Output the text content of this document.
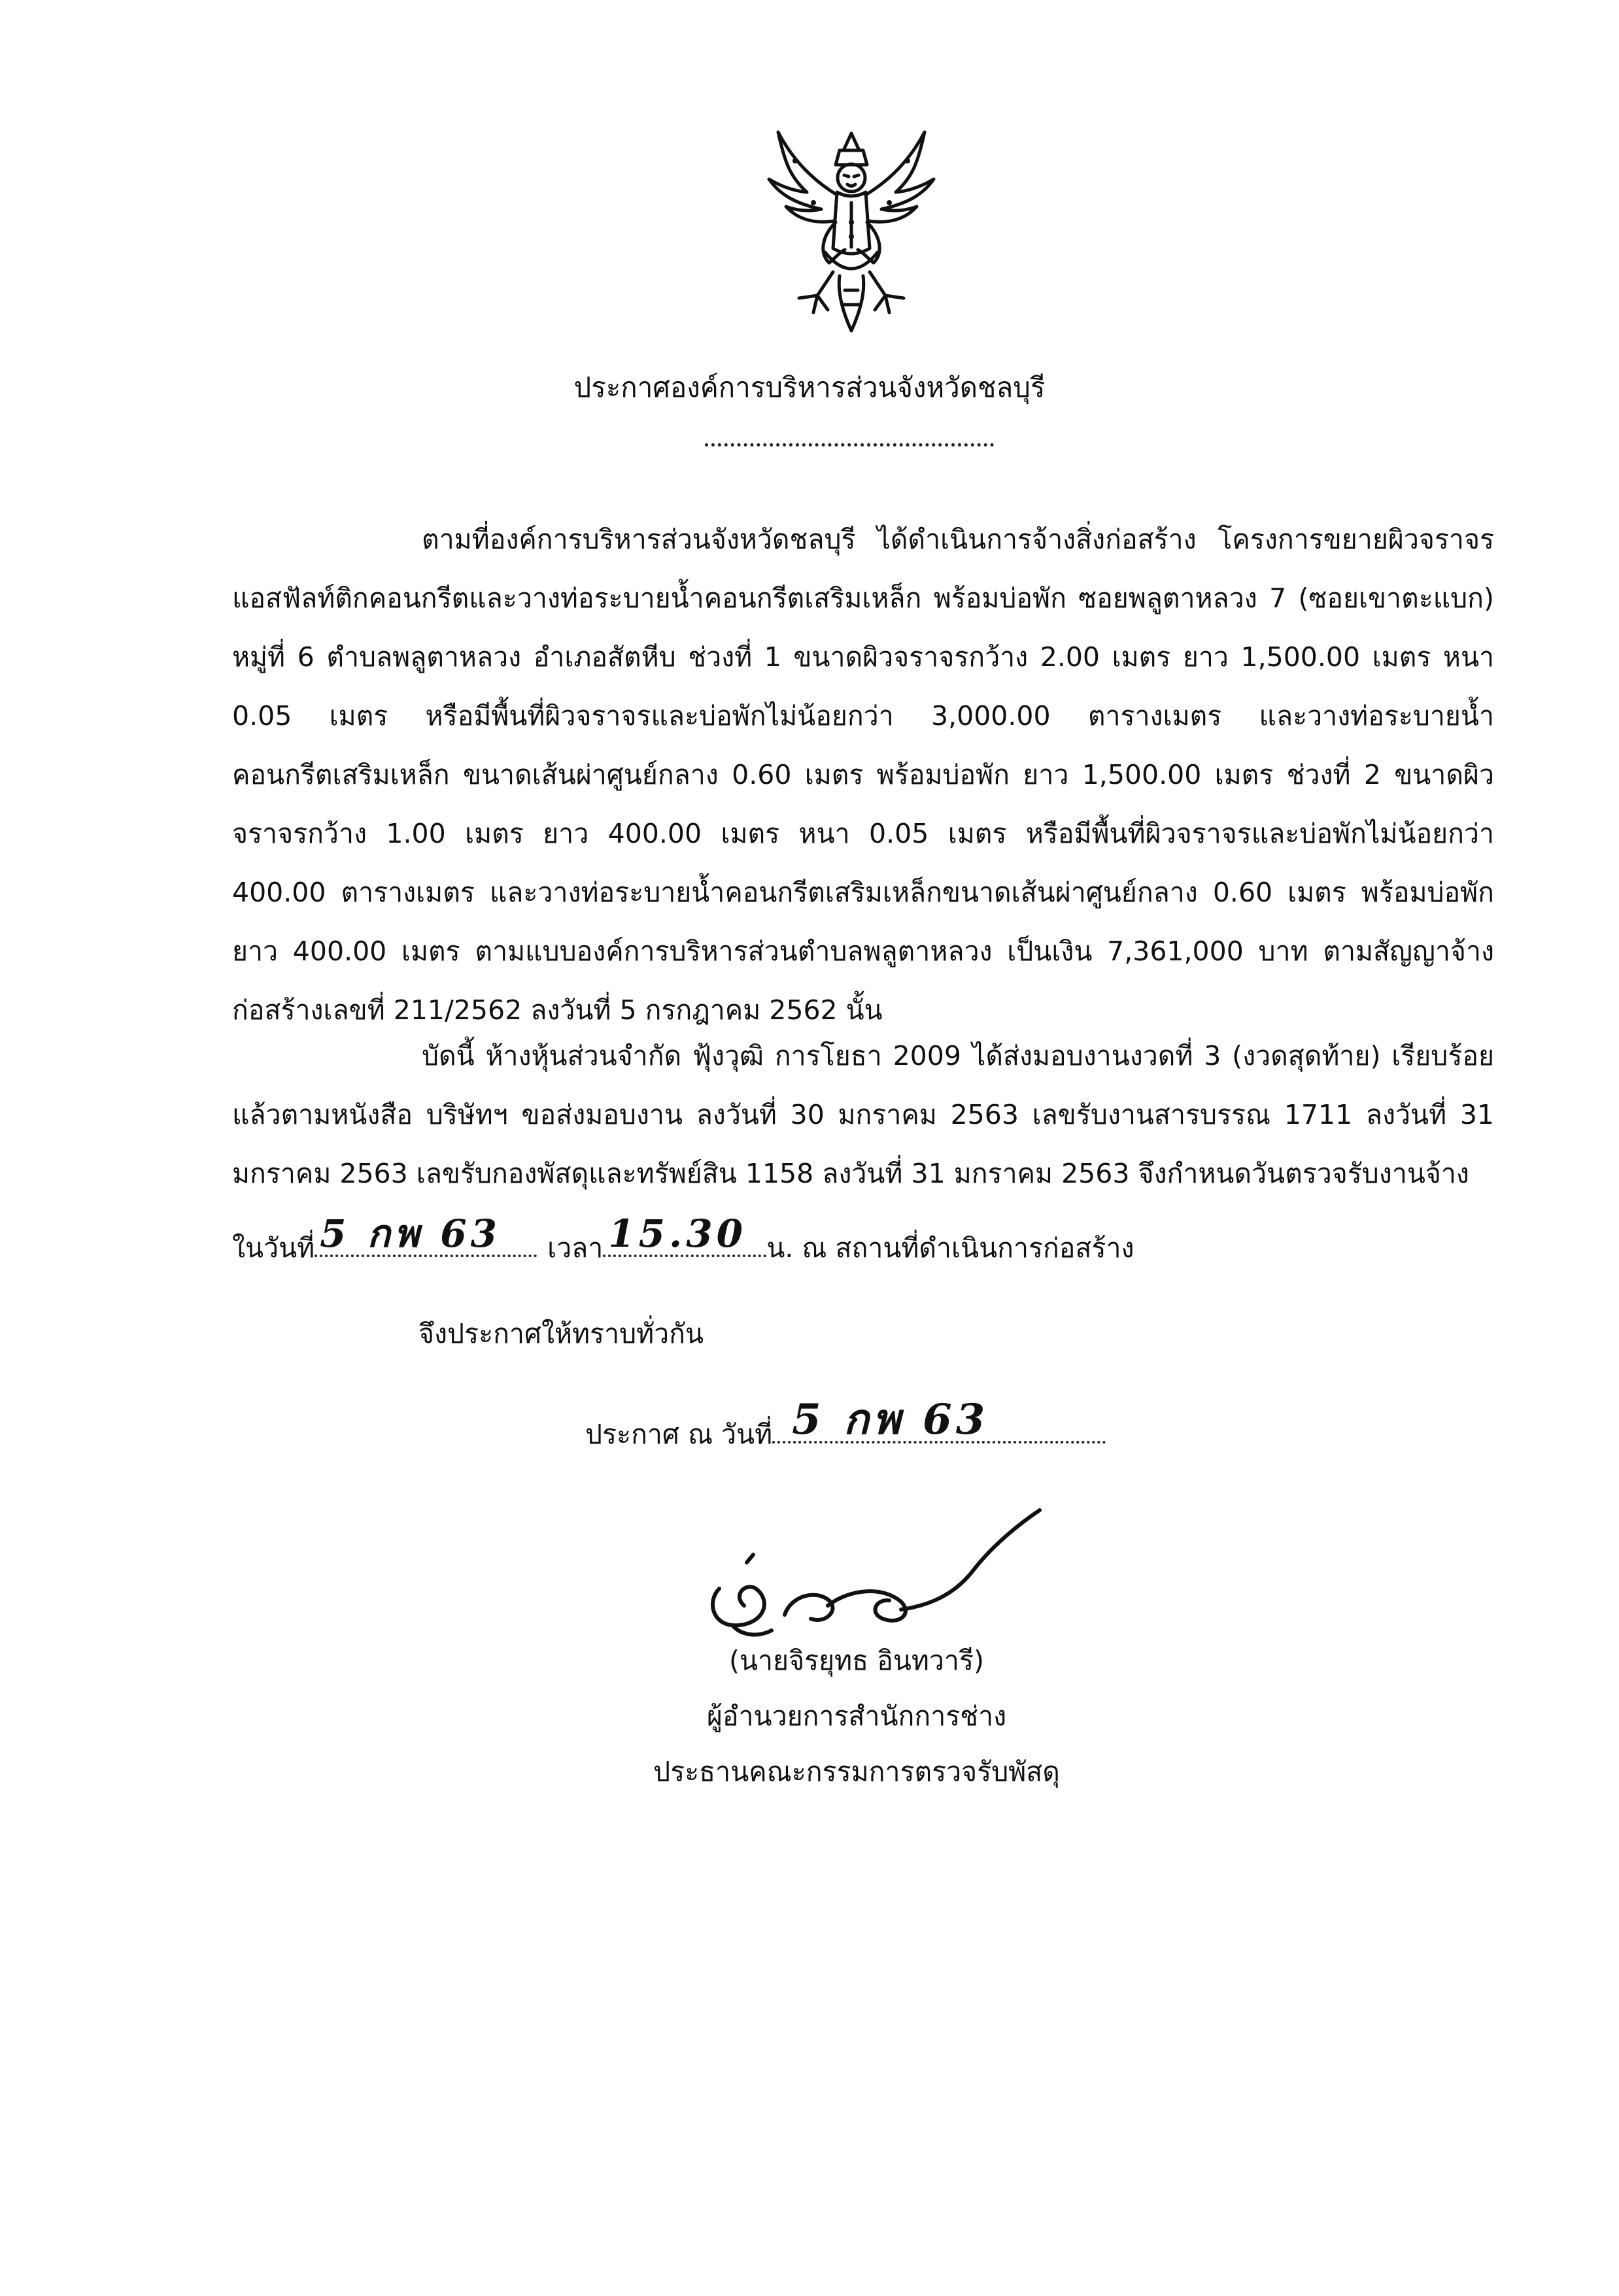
ประกาศองค์การบริหารส่วนจังหวัดชลบุรี
ตามที่องค์การบริหารส่วนจังหวัดชลบุรี ได้ดำเนินการจ้างสิ่งก่อสร้าง โครงการขยายผิวจราจรแอสฟัลท์ติกคอนกรีตและวางท่อระบายน้ำคอนกรีตเสริมเหล็ก พร้อมบ่อพัก ซอยพลูตาหลวง 7 (ซอยเขาตะแบก) หมู่ที่ 6 ตำบลพลูตาหลวง อำเภอสัตหีบ ช่วงที่ 1 ขนาดผิวจราจรกว้าง 2.00 เมตร ยาว 1,500.00 เมตร หนา 0.05 เมตร หรือมีพื้นที่ผิวจราจรและบ่อพักไม่น้อยกว่า 3,000.00 ตารางเมตร และวางท่อระบายน้ำคอนกรีตเสริมเหล็ก ขนาดเส้นผ่าศูนย์กลาง 0.60 เมตร พร้อมบ่อพัก ยาว 1,500.00 เมตร ช่วงที่ 2 ขนาดผิวจราจรกว้าง 1.00 เมตร ยาว 400.00 เมตร หนา 0.05 เมตร หรือมีพื้นที่ผิวจราจรและบ่อพักไม่น้อยกว่า 400.00 ตารางเมตร และวางท่อระบายน้ำคอนกรีตเสริมเหล็กขนาดเส้นผ่าศูนย์กลาง 0.60 เมตร พร้อมบ่อพัก ยาว 400.00 เมตร ตามแบบองค์การบริหารส่วนตำบลพลูตาหลวง เป็นเงิน 7,361,000 บาท ตามสัญญาจ้างก่อสร้างเลขที่ 211/2562 ลงวันที่ 5 กรกฎาคม 2562 นั้น
บัดนี้ ห้างหุ้นส่วนจำกัด ฟุ้งวุฒิ การโยธา 2009 ได้ส่งมอบงานงวดที่ 3 (งวดสุดท้าย) เรียบร้อยแล้วตามหนังสือ บริษัทฯ ขอส่งมอบงาน ลงวันที่ 30 มกราคม 2563 เลขรับงานสารบรรณ 1711 ลงวันที่ 31 มกราคม 2563 เลขรับกองพัสดุและทรัพย์สิน 1158 ลงวันที่ 31 มกราคม 2563 จึงกำหนดวันตรวจรับงานจ้าง
ในวันที่ 5 กพ 63 เวลา 15.30 น. ณ สถานที่ดำเนินการก่อสร้าง
จึงประกาศให้ทราบทั่วกัน
ประกาศ ณ วันที่ 5 กพ 63
(นายจิรยุทธ อินทวารี)
ผู้อำนวยการสำนักการช่าง
ประธานคณะกรรมการตรวจรับพัสดุ
